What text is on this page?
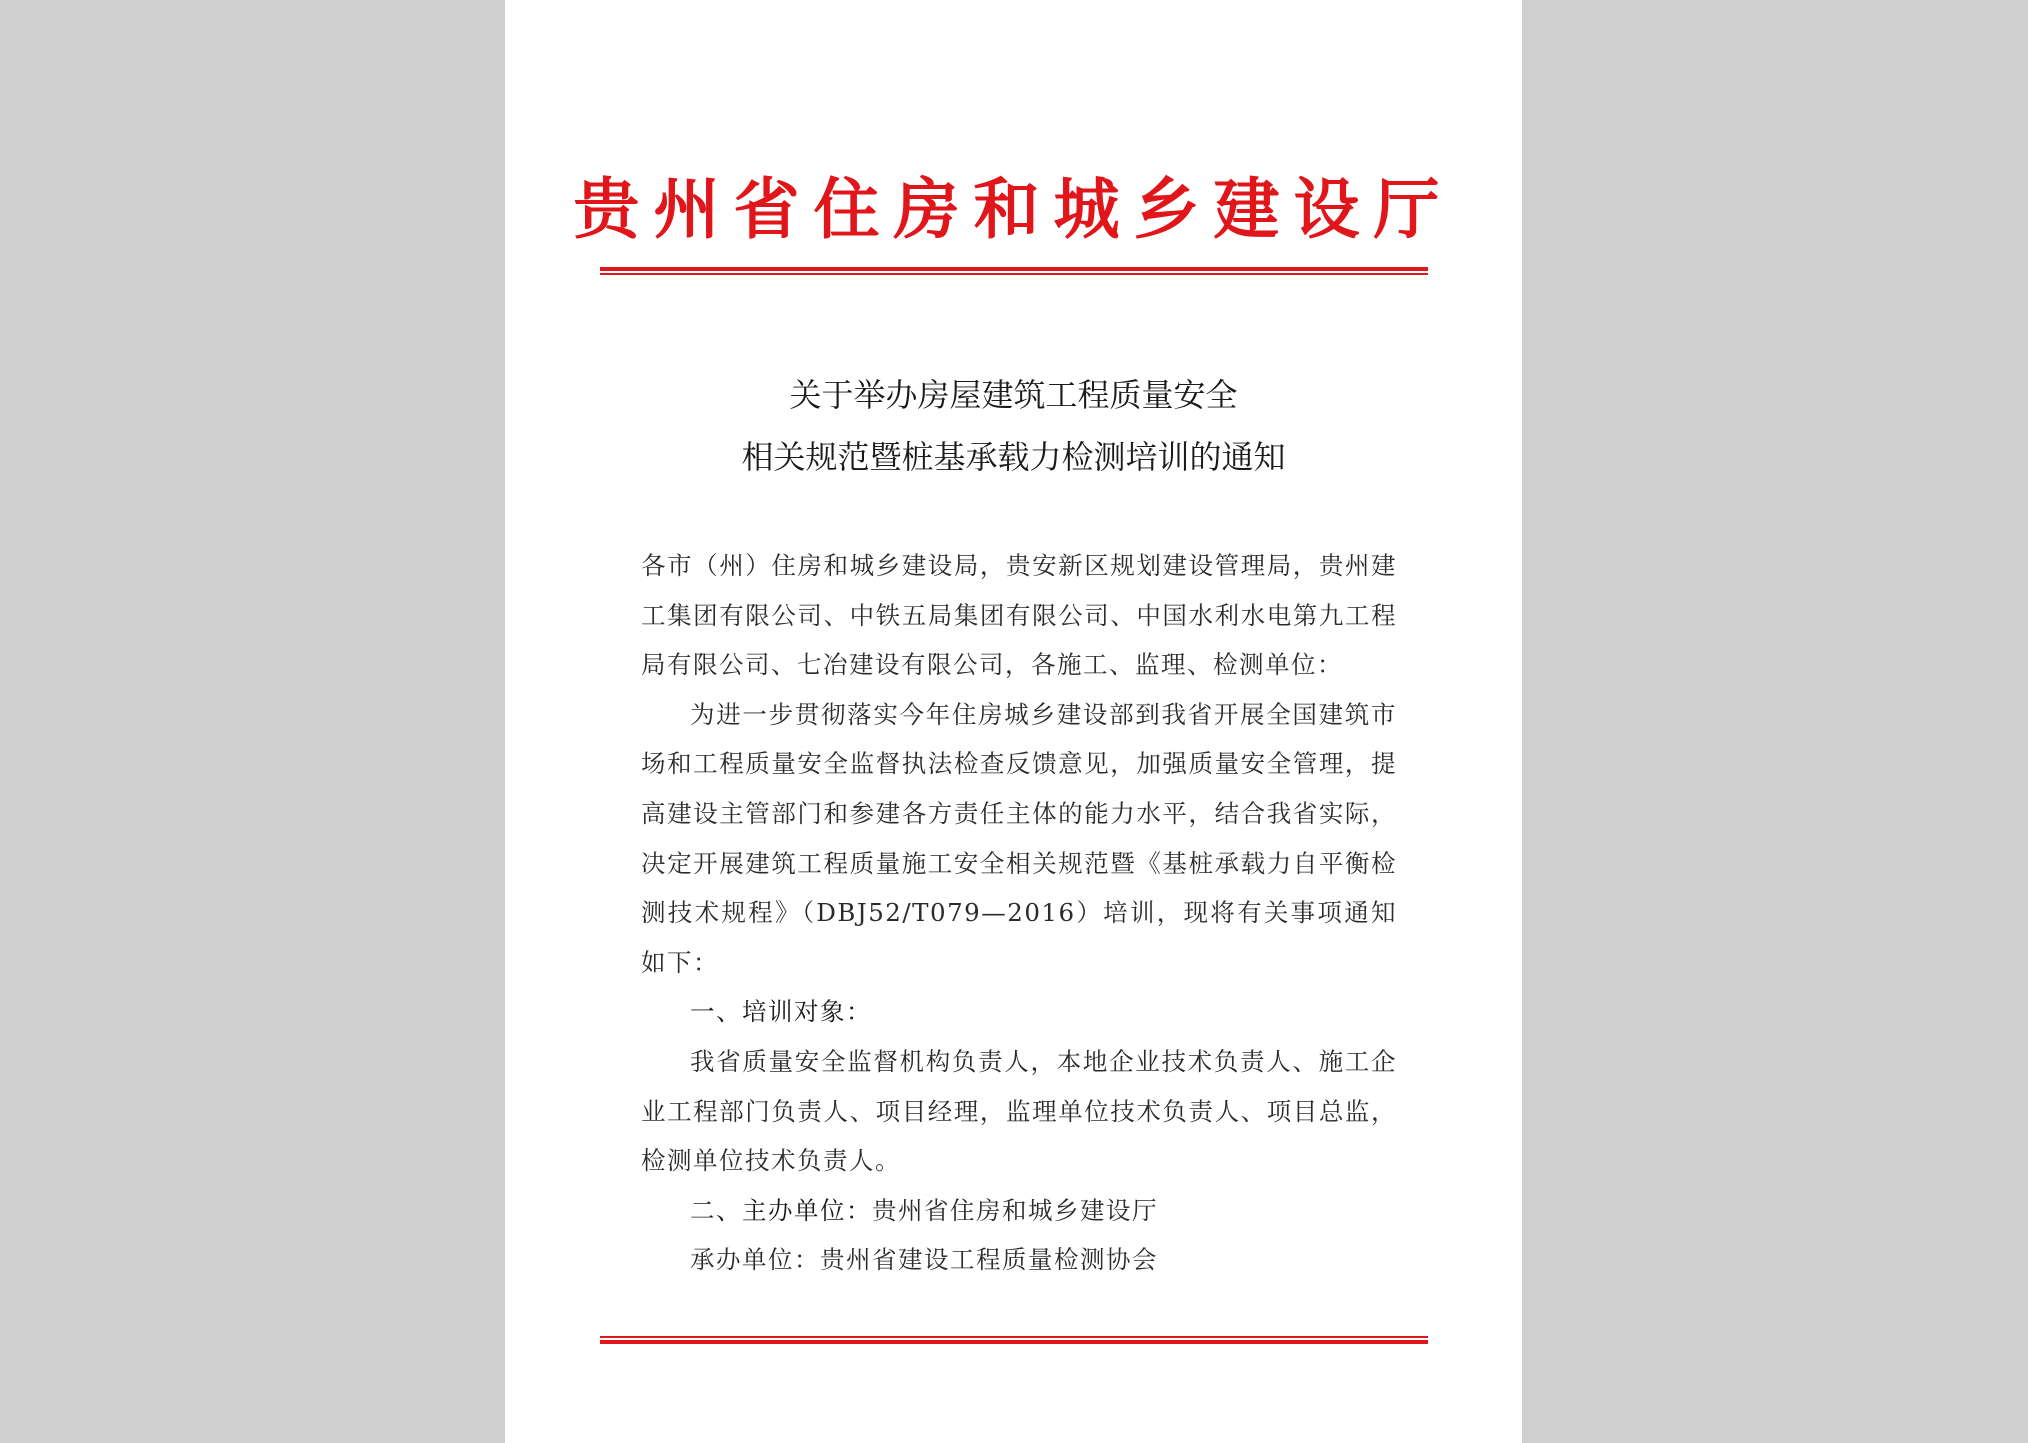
贵州省住房和城乡建设厅
关于举办房屋建筑工程质量安全
相关规范暨桩基承载力检测培训的通知

各市（州）住房和城乡建设局，贵安新区规划建设管理局，贵州建工集团有限公司、中铁五局集团有限公司、中国水利水电第九工程局有限公司、七冶建设有限公司，各施工、监理、检测单位：

为进一步贯彻落实今年住房城乡建设部到我省开展全国建筑市场和工程质量安全监督执法检查反馈意见，加强质量安全管理，提高建设主管部门和参建各方责任主体的能力水平，结合我省实际，决定开展建筑工程质量施工安全相关规范暨《基桩承载力自平衡检测技术规程》（DBJ52/T079—2016）培训，现将有关事项通知如下：

一、培训对象：

我省质量安全监督机构负责人，本地企业技术负责人、施工企业工程部门负责人、项目经理，监理单位技术负责人、项目总监，检测单位技术负责人。

二、主办单位：贵州省住房和城乡建设厅

承办单位：贵州省建设工程质量检测协会
